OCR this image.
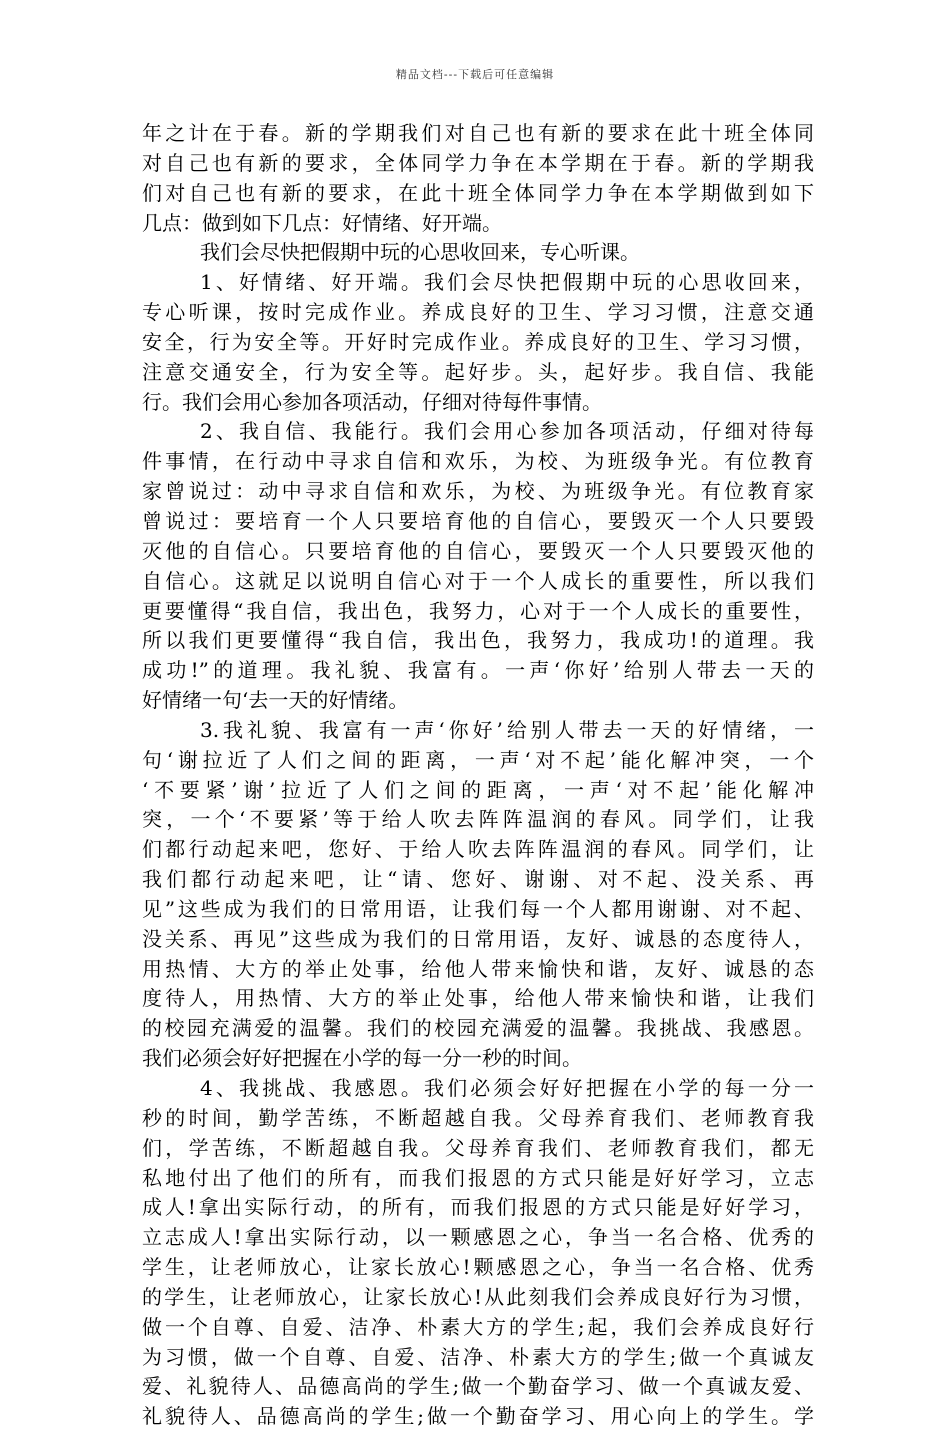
精品文档---下载后可任意编辑
年之计在于春。新的学期我们对自己也有新的要求在此十班全体同
对自己也有新的要求，全体同学力争在本学期在于春。新的学期我
们对自己也有新的要求，在此十班全体同学力争在本学期做到如下
几点：做到如下几点：好情绪、好开端。
我们会尽快把假期中玩的心思收回来，专心听课。
1、好情绪、好开端。我们会尽快把假期中玩的心思收回来，
专心听课，按时完成作业。养成良好的卫生、学习习惯，注意交通
安全，行为安全等。开好时完成作业。养成良好的卫生、学习习惯，
注意交通安全，行为安全等。起好步。头，起好步。我自信、我能
行。我们会用心参加各项活动，仔细对待每件事情。
2、我自信、我能行。我们会用心参加各项活动，仔细对待每
件事情，在行动中寻求自信和欢乐，为校、为班级争光。有位教育
家曾说过：动中寻求自信和欢乐，为校、为班级争光。有位教育家
曾说过：要培育一个人只要培育他的自信心，要毁灭一个人只要毁
灭他的自信心。只要培育他的自信心，要毁灭一个人只要毁灭他的
自信心。这就足以说明自信心对于一个人成长的重要性，所以我们
更要懂得“我自信，我出色，我努力，心对于一个人成长的重要性，
所以我们更要懂得“我自信，我出色，我努力，我成功!的道理。我
成功!”的道理。我礼貌、我富有。一声‘你好’给别人带去一天的
好情绪一句‘去一天的好情绪。
3.我礼貌、我富有一声‘你好’给别人带去一天的好情绪，一
句‘谢拉近了人们之间的距离，一声‘对不起’能化解冲突，一个
‘不要紧’谢’拉近了人们之间的距离，一声‘对不起’能化解冲
突，一个‘不要紧’等于给人吹去阵阵温润的春风。同学们，让我
们都行动起来吧，您好、于给人吹去阵阵温润的春风。同学们，让
我们都行动起来吧，让“请、您好、谢谢、对不起、没关系、再
见”这些成为我们的日常用语，让我们每一个人都用谢谢、对不起、
没关系、再见”这些成为我们的日常用语，友好、诚恳的态度待人，
用热情、大方的举止处事，给他人带来愉快和谐，友好、诚恳的态
度待人，用热情、大方的举止处事，给他人带来愉快和谐，让我们
的校园充满爱的温馨。我们的校园充满爱的温馨。我挑战、我感恩。
我们必须会好好把握在小学的每一分一秒的时间。
4、我挑战、我感恩。我们必须会好好把握在小学的每一分一
秒的时间，勤学苦练，不断超越自我。父母养育我们、老师教育我
们，学苦练，不断超越自我。父母养育我们、老师教育我们，都无
私地付出了他们的所有，而我们报恩的方式只能是好好学习，立志
成人!拿出实际行动，的所有，而我们报恩的方式只能是好好学习，
立志成人!拿出实际行动，以一颗感恩之心，争当一名合格、优秀的
学生，让老师放心，让家长放心!颗感恩之心，争当一名合格、优秀
的学生，让老师放心，让家长放心!从此刻我们会养成良好行为习惯，
做一个自尊、自爱、洁净、朴素大方的学生;起，我们会养成良好行
为习惯，做一个自尊、自爱、洁净、朴素大方的学生;做一个真诚友
爱、礼貌待人、品德高尚的学生;做一个勤奋学习、做一个真诚友爱、
礼貌待人、品德高尚的学生;做一个勤奋学习、用心向上的学生。学
